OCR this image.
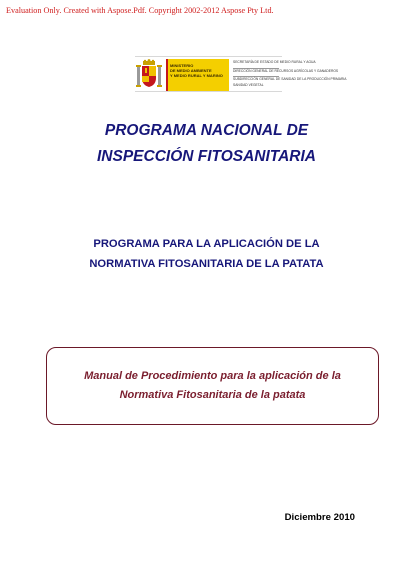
Evaluation Only. Created with Aspose.Pdf. Copyright 2002-2012 Aspose Pty Ltd.
MINISTERIO
DE MEDIO AMBIENTE
Y MEDIO RURAL Y MARINO
SECRETARÍA DE ESTADO DE MEDIO RURAL Y AGUA
DIRECCIÓN GENERAL DE RECURSOS AGRÍCOLAS Y GANADEROS
SUBDIRECCIÓN GENERAL DE SANIDAD DE LA PRODUCCIÓN PRIMARIA
SANIDAD VEGETAL
PROGRAMA NACIONAL DE
INSPECCIÓN FITOSANITARIA
PROGRAMA PARA LA APLICACIÓN DE LA
NORMATIVA FITOSANITARIA DE LA PATATA
Manual de Procedimiento para la aplicación de la
Normativa Fitosanitaria de la patata
Diciembre 2010
